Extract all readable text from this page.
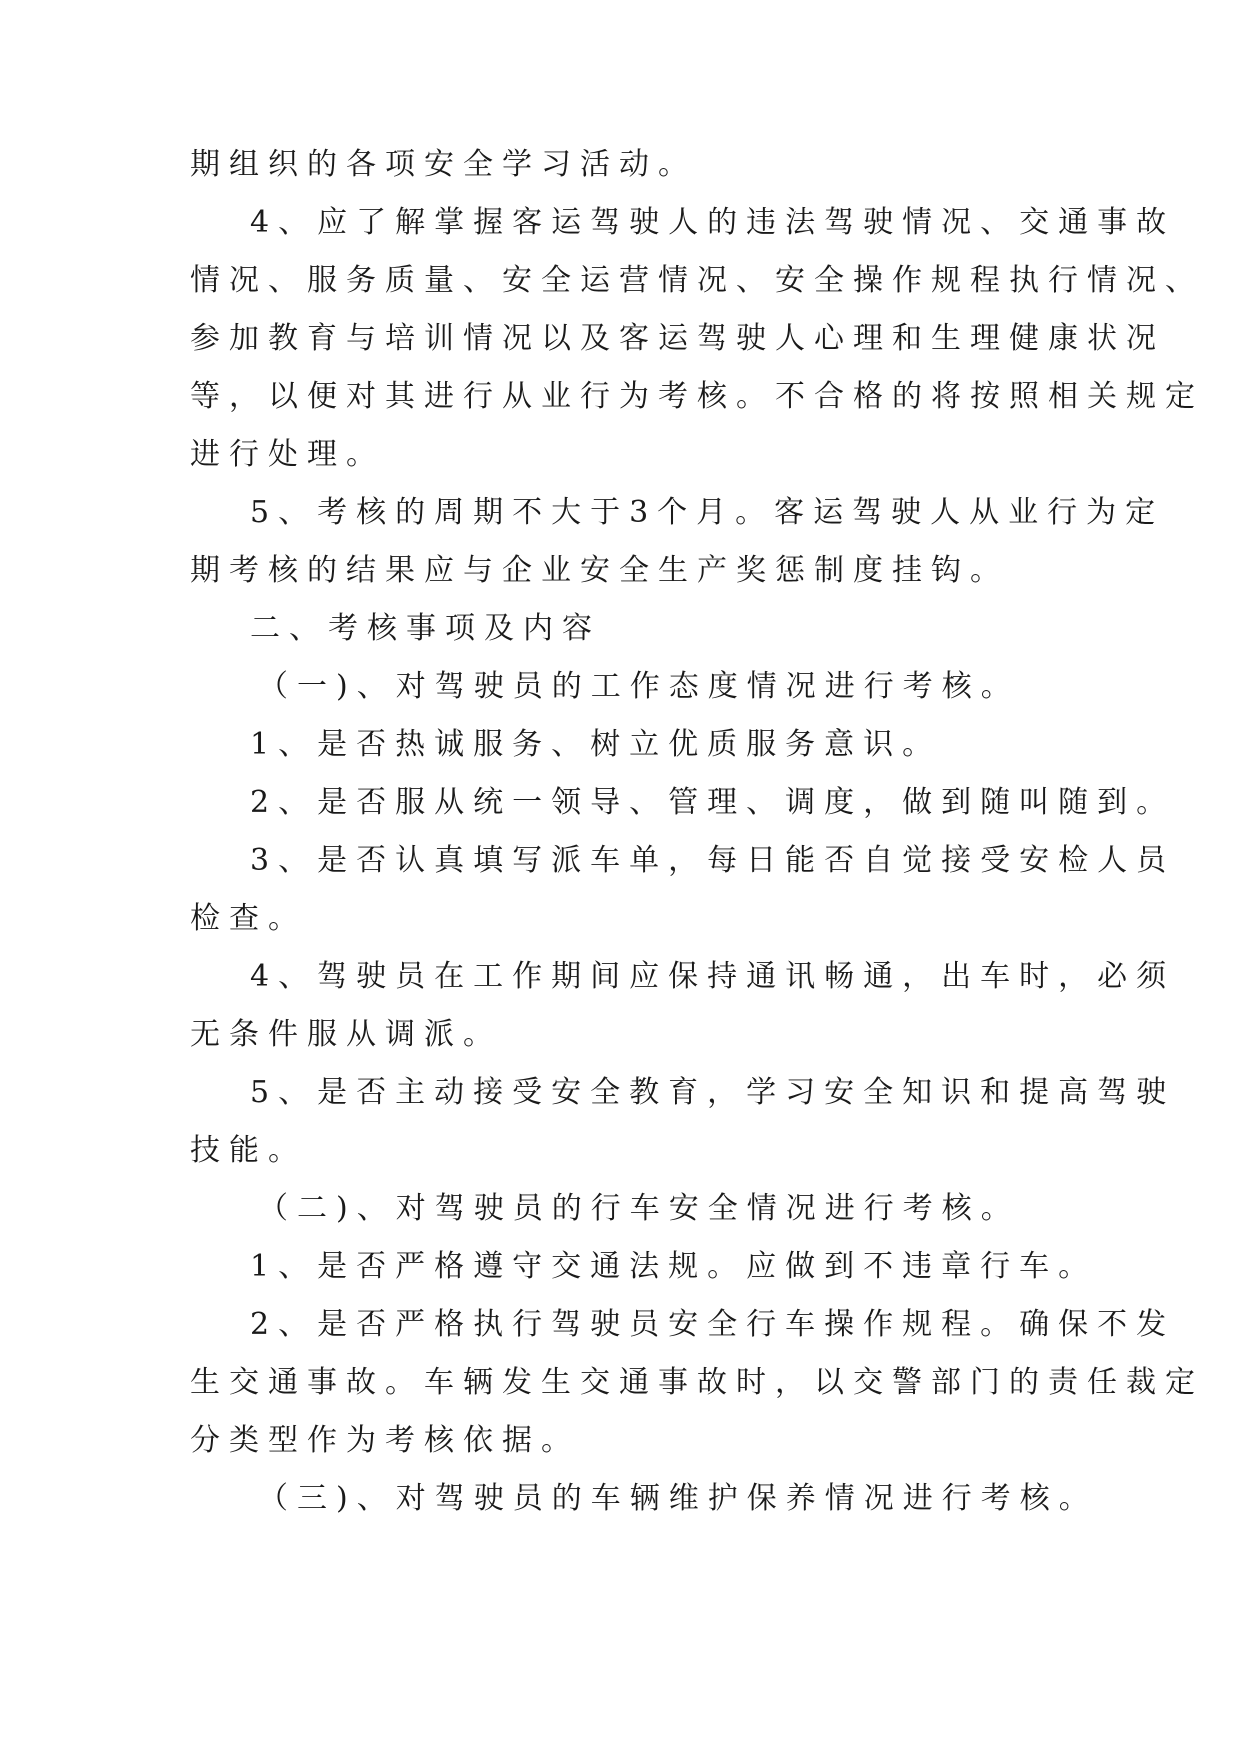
期组织的各项安全学习活动。
4、应了解掌握客运驾驶人的违法驾驶情况、交通事故
情况、服务质量、安全运营情况、安全操作规程执行情况、
参加教育与培训情况以及客运驾驶人心理和生理健康状况
等，以便对其进行从业行为考核。不合格的将按照相关规定
进行处理。
5、考核的周期不大于3个月。客运驾驶人从业行为定
期考核的结果应与企业安全生产奖惩制度挂钩。
二、考核事项及内容
（一)、对驾驶员的工作态度情况进行考核。
1、是否热诚服务、树立优质服务意识。
2、是否服从统一领导、管理、调度，做到随叫随到。
3、是否认真填写派车单，每日能否自觉接受安检人员
检查。
4、驾驶员在工作期间应保持通讯畅通，出车时，必须
无条件服从调派。
5、是否主动接受安全教育，学习安全知识和提高驾驶
技能。
（二)、对驾驶员的行车安全情况进行考核。
1、是否严格遵守交通法规。应做到不违章行车。
2、是否严格执行驾驶员安全行车操作规程。确保不发
生交通事故。车辆发生交通事故时，以交警部门的责任裁定
分类型作为考核依据。
（三)、对驾驶员的车辆维护保养情况进行考核。
